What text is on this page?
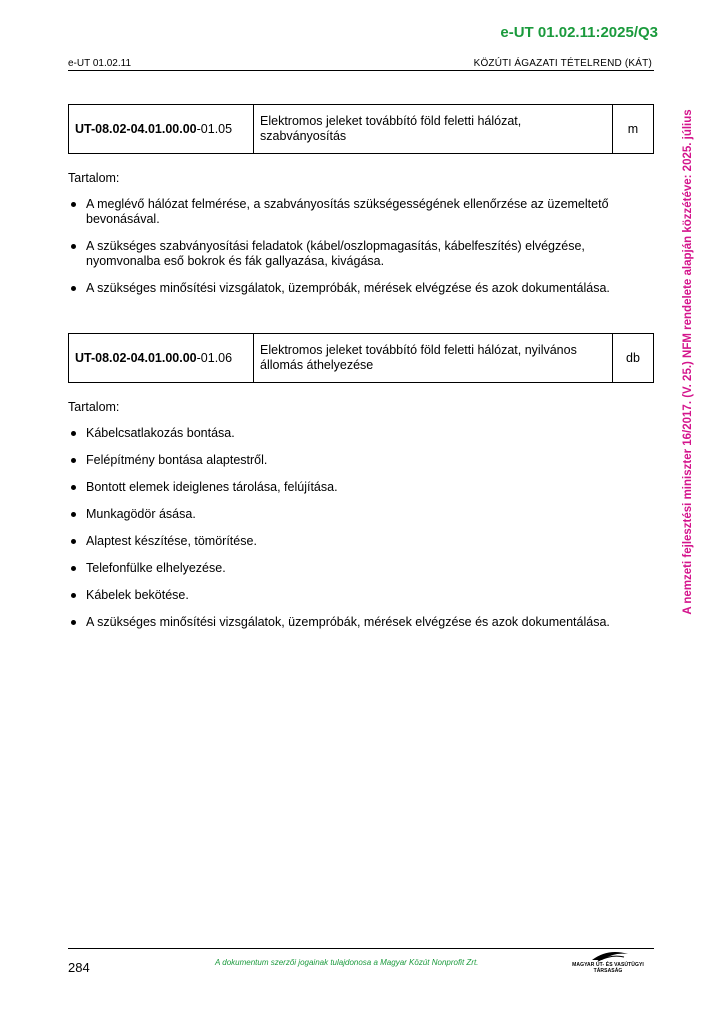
e-UT 01.02.11:2025/Q3
e-UT 01.02.11	KÖZÚTI ÁGAZATI TÉTELREND (KÁT)
A nemzeti fejlesztési miniszter 16/2017. (V. 25.) NFM rendelete alapján közzétéve: 2025. július
UT-08.02-04.01.00.00-01.05	Elektromos jeleket továbbító föld feletti hálózat, szabványosítás	m
Tartalom:
A meglévő hálózat felmérése, a szabványosítás szükségességének ellenőrzése az üzemeltető bevonásával.
A szükséges szabványosítási feladatok (kábel/oszlopmagasítás, kábelfeszítés) elvégzése, nyomvonalba eső bokrok és fák gallyazása, kivágása.
A szükséges minősítési vizsgálatok, üzempróbák, mérések elvégzése és azok dokumentálása.
UT-08.02-04.01.00.00-01.06	Elektromos jeleket továbbító föld feletti hálózat, nyilvános állomás áthelyezése	db
Tartalom:
Kábelcsatlakozás bontása.
Felépítmény bontása alaptestről.
Bontott elemek ideiglenes tárolása, felújítása.
Munkagödör ásása.
Alaptest készítése, tömörítése.
Telefonfülke elhelyezése.
Kábelek bekötése.
A szükséges minősítési vizsgálatok, üzempróbák, mérések elvégzése és azok dokumentálása.
284	A dokumentum szerzői jogainak tulajdonosa a Magyar Közút Nonprofit Zrt.	MAGYAR ÚT- ÉS VASÚTÜGYI TÁRSASÁG
